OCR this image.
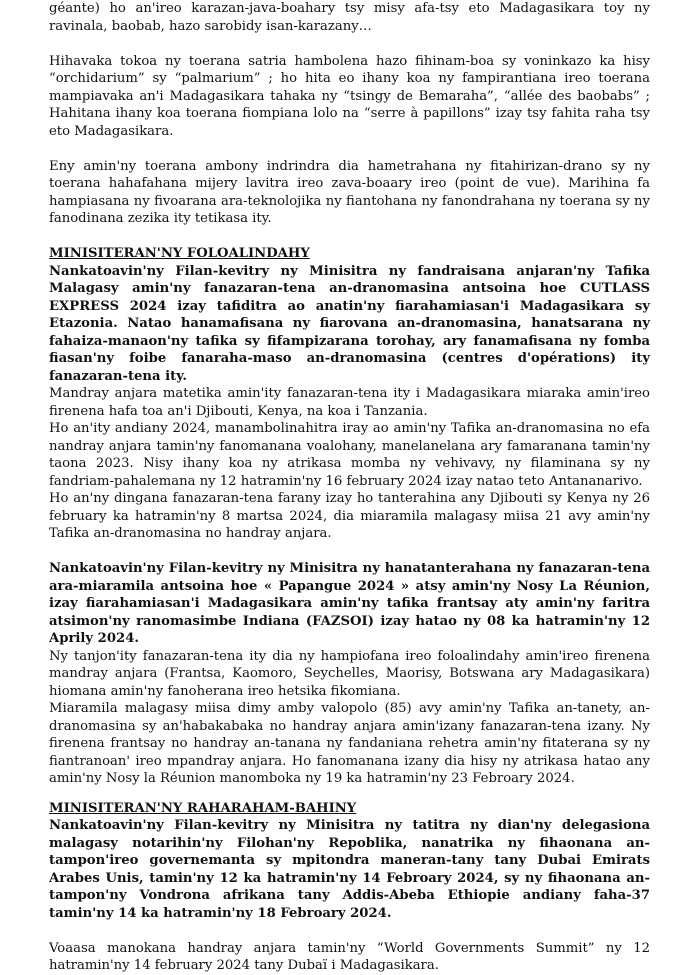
géante) ho an'ireo karazan-java-boahary tsy misy afa-tsy eto Madagasikara toy ny ravinala, baobab, hazo sarobidy isan-karazany…

Hihavaka tokoa ny toerana satria hambolena hazo fihinam-boa sy voninkazo ka hisy “orchidarium” sy “palmarium” ; ho hita eo ihany koa ny fampirantiana ireo toerana mampiavaka an'i Madagasikara tahaka ny “tsingy de Bemaraha”, “allée des baobabs” ; Hahitana ihany koa toerana fiompiana lolo na “serre à papillons” izay tsy fahita raha tsy eto Madagasikara.

Eny amin'ny toerana ambony indrindra dia hametrahana ny fitahirizan-drano sy ny toerana hahafahana mijery lavitra ireo zava-boaary ireo (point de vue). Marihina fa hampiasana ny fivoarana ara-teknolojika ny fiantohana ny fanondrahana ny toerana sy ny fanodinana zezika ity tetikasa ity.

MINISITERAN'NY FOLOALINDAHY

Nankatoavin'ny Filan-kevitry ny Minisitra ny fandraisana anjaran'ny Tafika Malagasy amin'ny fanazaran-tena an-dranomasina antsoina hoe CUTLASS EXPRESS 2024 izay tafiditra ao anatin'ny fiarahamiasan'i Madagasikara sy Etazonia. Natao hanamafisana ny fiarovana an-dranomasina, hanatsarana ny fahaiza-manaon'ny tafika sy fifampizarana torohay, ary fanamafisana ny fomba fiasan'ny foibe fanaraha-maso an-dranomasina (centres d'opérations) ity fanazaran-tena ity.

Mandray anjara matetika amin'ity fanazaran-tena ity i Madagasikara miaraka amin'ireo firenena hafa toa an'i Djibouti, Kenya, na koa i Tanzania.

Ho an'ity andiany 2024, manambolinahitra iray ao amin'ny Tafika an-dranomasina no efa nandray anjara tamin'ny fanomanana voalohany, manelanelana ary famaranana tamin'ny taona 2023. Nisy ihany koa ny atrikasa momba ny vehivavy, ny filaminana sy ny fandriam-pahalemana ny 12 hatramin'ny 16 february 2024 izay natao teto Antananarivo.

Ho an'ny dingana fanazaran-tena farany izay ho tanterahina any Djibouti sy Kenya ny 26 february ka hatramin'ny 8 martsa 2024, dia miaramila malagasy miisa 21 avy amin'ny Tafika an-dranomasina no handray anjara.

Nankatoavin'ny Filan-kevitry ny Minisitra ny hanatanterahana ny fanazaran-tena ara-miaramila antsoina hoe « Papangue 2024 » atsy amin'ny Nosy La Réunion, izay fiarahamiasan'i Madagasikara amin'ny tafika frantsay aty amin'ny faritra atsimon'ny ranomasimbe Indiana (FAZSOI) izay hatao ny 08 ka hatramin'ny 12 Aprily 2024.

Ny tanjon'ity fanazaran-tena ity dia ny hampiofana ireo foloalindahy amin'ireo firenena mandray anjara (Frantsa, Kaomoro, Seychelles, Maorisy, Botswana ary Madagasikara) hiomana amin'ny fanoherana ireo hetsika fikomiana.

Miaramila malagasy miisa dimy amby valopolo (85) avy amin'ny Tafika an-tanety, an-dranomasina sy an'habakabaka no handray anjara amin'izany fanazaran-tena izany. Ny firenena frantsay no handray an-tanana ny fandaniana rehetra amin'ny fitaterana sy ny fiantranoan' ireo mpandray anjara. Ho fanomanana izany dia hisy ny atrikasa hatao any amin'ny Nosy la Réunion manomboka ny 19 ka hatramin'ny 23 Febroary 2024.

MINISITERAN'NY RAHARAHAM-BAHINY

Nankatoavin'ny Filan-kevitry ny Minisitra ny tatitra ny dian'ny delegasiona malagasy notarihin'ny Filohan'ny Repoblika, nanatrika ny fihaonana an-tampon'ireo governemanta sy mpitondra maneran-tany tany Dubai Emirats Arabes Unis, tamin'ny 12 ka hatramin'ny 14 Febroary 2024, sy ny fihaonana an-tampon'ny Vondrona afrikana tany Addis-Abeba Ethiopie andiany faha-37 tamin'ny 14 ka hatramin'ny 18 Febroary 2024.

Voaasa manokana handray anjara tamin'ny “World Governments Summit” ny 12 hatramin'ny 14 february 2024 tany Dubaï i Madagasikara.
